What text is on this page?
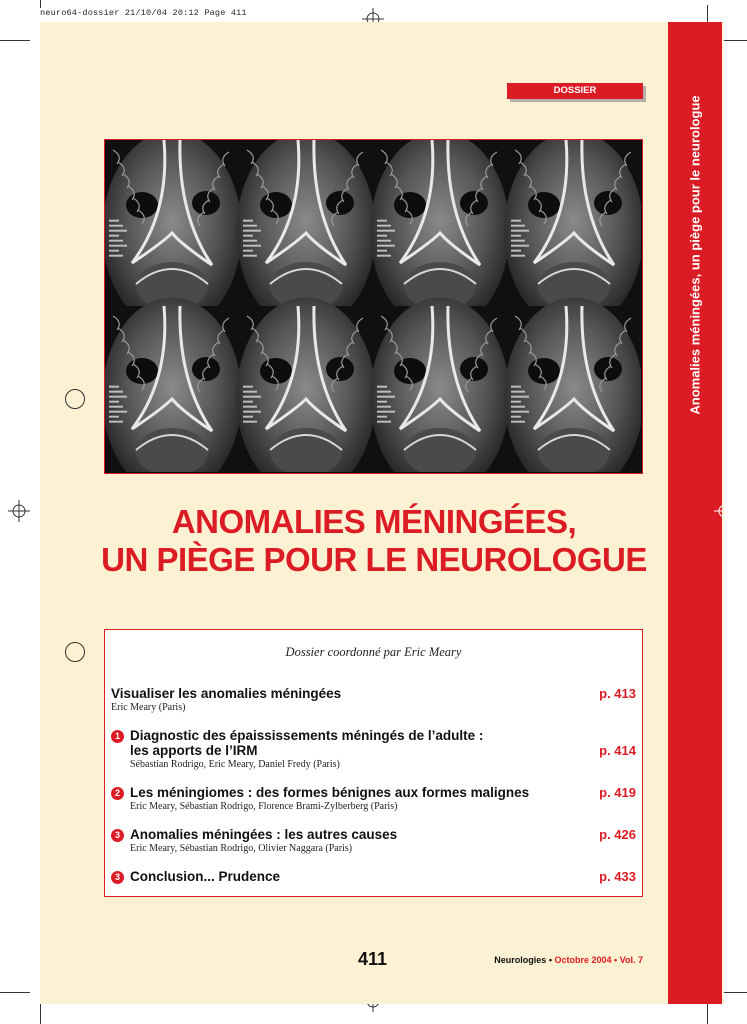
neuro64-dossier 21/10/04 20:12 Page 411
Anomalies méningées, un piège pour le neurologue
DOSSIER
ANOMALIES MÉNINGÉES,
UN PIÈGE POUR LE NEUROLOGUE
Dossier coordonné par Eric Meary
Visualiser les anomalies méningées
Eric Meary (Paris)
p. 413
1 Diagnostic des épaississements méningés de l’adulte :
les apports de l’IRM
Sébastian Rodrigo, Eric Meary, Daniel Fredy (Paris)
p. 414
2 Les méningiomes : des formes bénignes aux formes malignes
Eric Meary, Sébastian Rodrigo, Florence Brami-Zylberberg (Paris)
p. 419
3 Anomalies méningées : les autres causes
Eric Meary, Sébastian Rodrigo, Olivier Naggara (Paris)
p. 426
3 Conclusion... Prudence	p. 433
411	Neurologies • Octobre 2004 • Vol. 7
